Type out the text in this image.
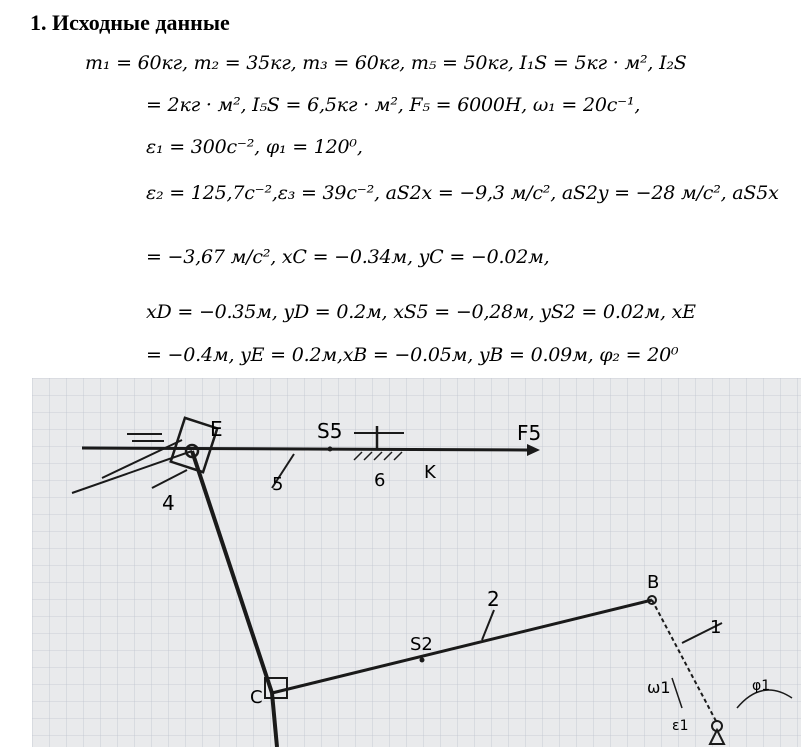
1. Исходные данные
m₁ = 60кг, m₂ = 35кг, m₃ = 60кг, m₅ = 50кг, I₁S = 5кг · м², I₂S
= 2кг · м², I₅S = 6,5кг · м², F₅ = 6000Н, ω₁ = 20с⁻¹,
ε₁ = 300с⁻², φ₁ = 120⁰,
ε₂ = 125,7с⁻²,ε₃ = 39с⁻², aS2x = −9,3 м/с², aS2y = −28 м/с², aS5x
= −3,67 м/с², xC = −0.34м, yC = −0.02м,
xD = −0.35м, yD = 0.2м, xS5 = −0,28м, yS2 = 0.02м, xE
= −0.4м, yE = 0.2м,xB = −0.05м, yB = 0.09м, φ₂ = 20⁰
E	S5	F5
5	6 K
4
2
S2
B
C
1
ω1	φ1
ε1
